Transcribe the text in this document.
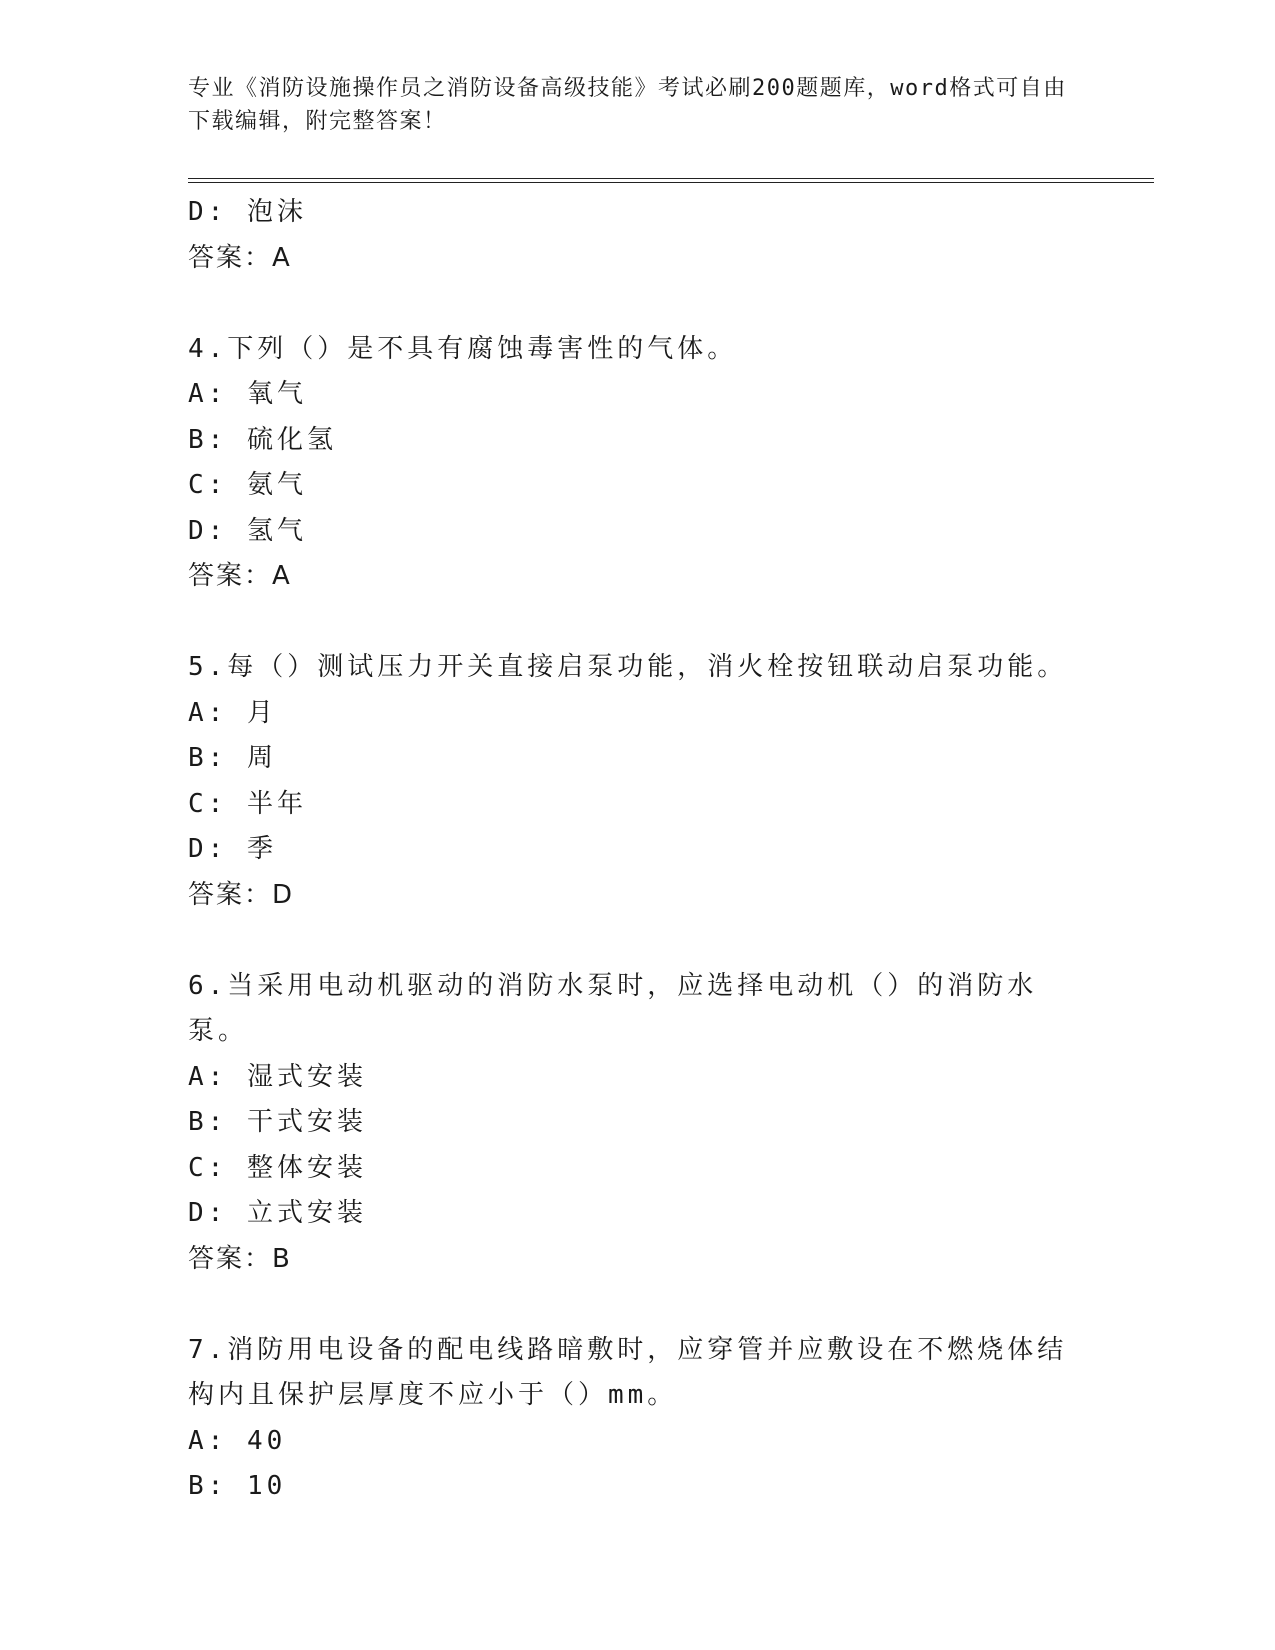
专业《消防设施操作员之消防设备高级技能》考试必刷200题题库，word格式可自由下载编辑，附完整答案！
D: 泡沫
答案：A
4.下列（）是不具有腐蚀毒害性的气体。
A: 氧气
B: 硫化氢
C: 氨气
D: 氢气
答案：A
5.每（）测试压力开关直接启泵功能，消火栓按钮联动启泵功能。
A: 月
B: 周
C: 半年
D: 季
答案：D
6.当采用电动机驱动的消防水泵时，应选择电动机（）的消防水泵。
A: 湿式安装
B: 干式安装
C: 整体安装
D: 立式安装
答案：B
7.消防用电设备的配电线路暗敷时，应穿管并应敷设在不燃烧体结构内且保护层厚度不应小于（）mm。
A: 40
B: 10
